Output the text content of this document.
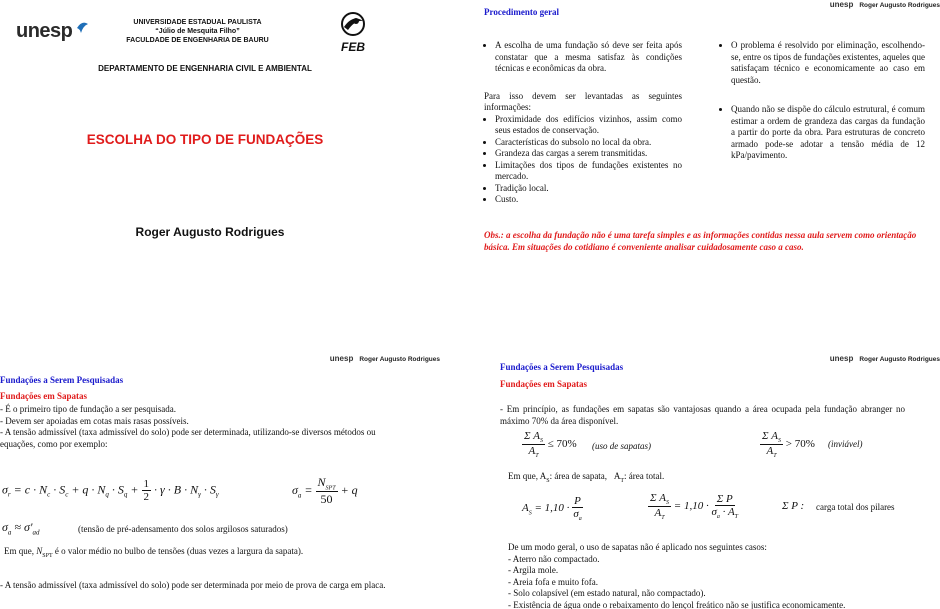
unesp	UNIVERSIDADE ESTADUAL PAULISTA
“Júlio de Mesquita Filho”
FACULDADE DE ENGENHARIA DE BAURU	FEB
DEPARTAMENTO DE ENGENHARIA CIVIL E AMBIENTAL
ESCOLHA DO TIPO DE FUNDAÇÕES
Roger Augusto Rodrigues
unesp Roger Augusto Rodrigues
Procedimento geral
• A escolha de uma fundação só deve ser feita após constatar que a mesma satisfaz às condições técnicas e econômicas da obra.
Para isso devem ser levantadas as seguintes informações:
• Proximidade dos edifícios vizinhos, assim como seus estados de conservação.
• Características do subsolo no local da obra.
• Grandeza das cargas a serem transmitidas.
• Limitações dos tipos de fundações existentes no mercado.
• Tradição local.
• Custo.
• O problema é resolvido por eliminação, escolhendo-se, entre os tipos de fundações existentes, aqueles que satisfaçam técnico e economicamente ao caso em questão.
• Quando não se dispõe do cálculo estrutural, é comum estimar a ordem de grandeza das cargas da fundação a partir do porte da obra. Para estruturas de concreto armado pode-se adotar a tensão média de 12 kPa/pavimento.
Obs.: a escolha da fundação não é uma tarefa simples e as informações contidas nessa aula servem como orientação básica. Em situações do cotidiano é conveniente analisar cuidadosamente caso a caso.
unesp Roger Augusto Rodrigues
Fundações a Serem Pesquisadas
Fundações em Sapatas
- É o primeiro tipo de fundação a ser pesquisada.
- Devem ser apoiadas em cotas mais rasas possíveis.
- A tensão admissível (taxa admissível do solo) pode ser determinada, utilizando-se diversos métodos ou equações, como por exemplo:
$\sigma_r = c \cdot N_c \cdot S_c + q \cdot N_q \cdot S_q + \frac{1}{2} \cdot \gamma \cdot B \cdot N_\gamma \cdot S_\gamma$	$\sigma_a = \frac{N_{SPT}}{50} + q$
$\sigma_a \approx \sigma'_{ad}$	(tensão de pré-adensamento dos solos argilosos saturados)
Em que, $N_{SPT}$ é o valor médio no bulbo de tensões (duas vezes a largura da sapata).
- A tensão admissível (taxa admissível do solo) pode ser determinada por meio de prova de carga em placa.
unesp Roger Augusto Rodrigues
Fundações a Serem Pesquisadas
Fundações em Sapatas
- Em princípio, as fundações em sapatas são vantajosas quando a área ocupada pela fundação abranger no máximo 70% da área disponível.
$\frac{\Sigma A_S}{A_T} \le 70\%$ (uso de sapatas)	$\frac{\Sigma A_S}{A_T} > 70\%$ (inviável)
Em que, $A_S$: área de sapata, $A_T$: área total.
$A_S = 1,10 \cdot \frac{P}{\sigma_a}$	$\frac{\Sigma A_S}{A_T} = 1,10 \cdot \frac{\text{Σ P}}{\sigma_a \cdot A_T}$	Σ P : carga total dos pilares
De um modo geral, o uso de sapatas não é aplicado nos seguintes casos:
- Aterro não compactado.
- Argila mole.
- Areia fofa e muito fofa.
- Solo colapsível (em estado natural, não compactado).
- Existência de água onde o rebaixamento do lençol freático não se justifica economicamente.
